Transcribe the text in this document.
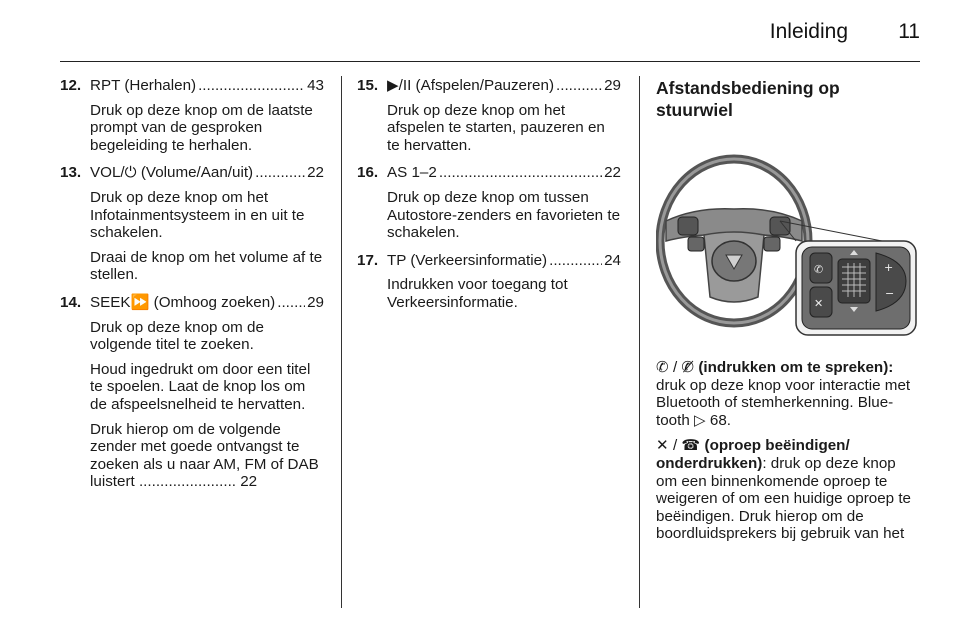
Inleiding 11
12. RPT (Herhalen) .....	43

Druk op deze knop om de laatste prompt van de gesproken begeleiding te herhalen.

13. VOL/⏻ (Volume/Aan/uit) .....	22

Druk op deze knop om het Infotainmentsysteem in en uit te schakelen.

Draai de knop om het volume af te stellen.

14. SEEK⏩ (Omhoog zoeken) ..... 29

Druk op deze knop om de volgende titel te zoeken.

Houd ingedrukt om door een titel te spoelen. Laat de knop los om de afspeelsnelheid te hervatten.

Druk hierop om de volgende zender met goede ontvangst te zoeken als u naar AM, FM of DAB luistert ....................... 22

15. ▶/II (Afspelen/Pauzeren) .....	29

Druk op deze knop om het afspelen te starten, pauzeren en te hervatten.

16. AS 1–2 .....	22

Druk op deze knop om tussen Autostore-zenders en favorieten te schakelen.

17. TP (Verkeersinformatie) .....	24

Indrukken voor toegang tot Verkeersinformatie.

Afstandsbediening op stuurwiel
✆
✕
+
−

✆ / ✆̸ (indrukken om te spreken): druk op deze knop voor interactie met Bluetooth of stemherkenning. Blue-tooth ▷ 68.

✕ / ☎ (oproep beëindigen/ onderdrukken): druk op deze knop om een binnenkomende oproep te weigeren of om een huidige oproep te beëindigen. Druk hierop om de boordluidsprekers bij gebruik van het
